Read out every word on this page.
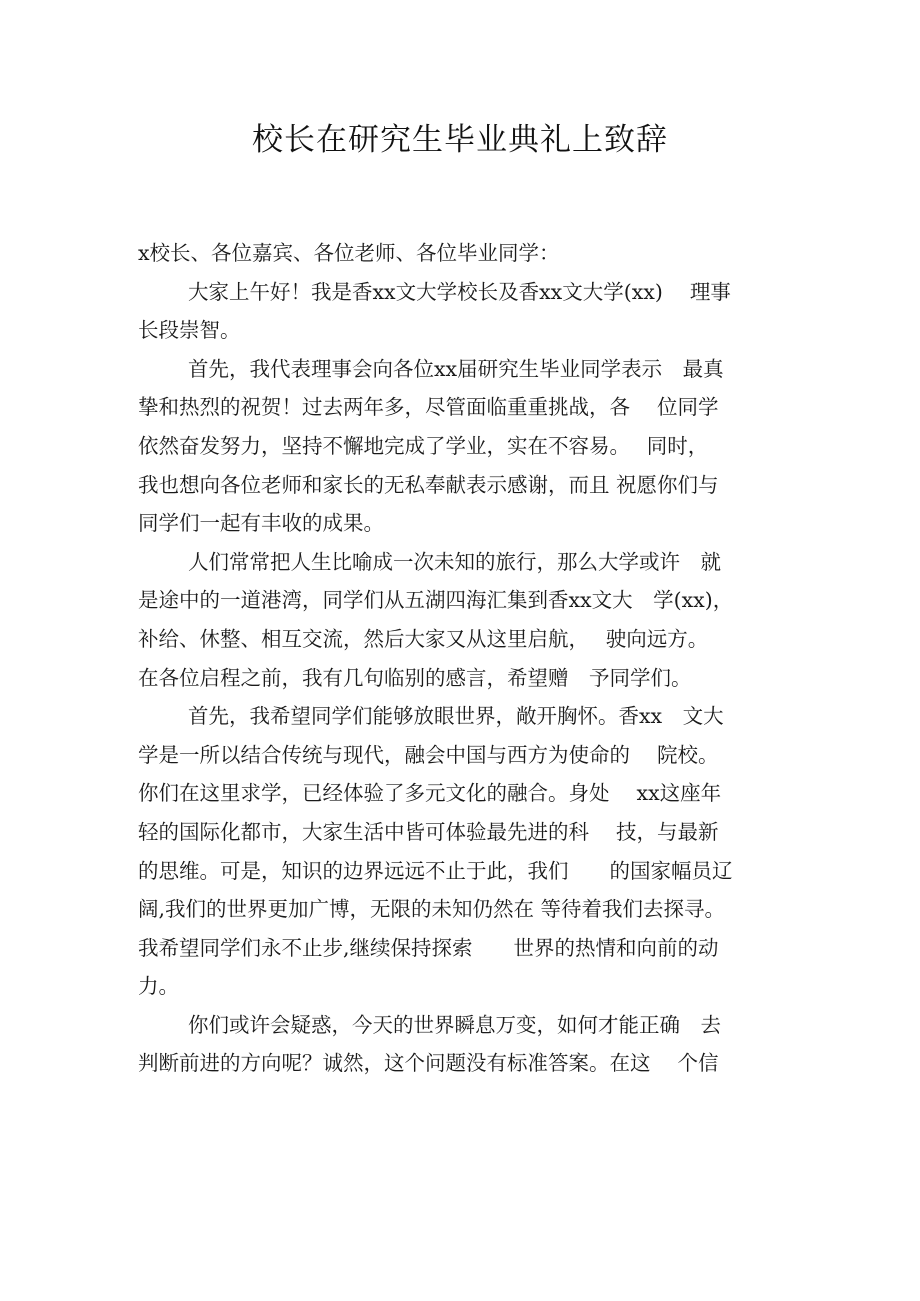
校长在研究生毕业典礼上致辞
x校长、各位嘉宾、各位老师、各位毕业同学：
大家上午好！我是香xx文大学校长及香xx文大学(xx)　 理事
长段崇智。
首先，我代表理事会向各位xx届研究生毕业同学表示　最真
挚和热烈的祝贺！过去两年多，尽管面临重重挑战，各　 位同学
依然奋发努力，坚持不懈地完成了学业，实在不容易。　 同时，
我也想向各位老师和家长的无私奉献表示感谢，而且 祝愿你们与
同学们一起有丰收的成果。
人们常常把人生比喻成一次未知的旅行，那么大学或许　就
是途中的一道港湾，同学们从五湖四海汇集到香xx文大　学(xx)，
补给、休整、相互交流，然后大家又从这里启航，　 驶向远方。
在各位启程之前，我有几句临别的感言，希望赠　予同学们。
首先，我希望同学们能够放眼世界，敞开胸怀。香xx　文大
学是一所以结合传统与现代，融会中国与西方为使命的　 院校。
你们在这里求学，已经体验了多元文化的融合。身处　 xx这座年
轻的国际化都市，大家生活中皆可体验最先进的科　 技，与最新
的思维。可是，知识的边界远远不止于此，我们　　的国家幅员辽
阔,我们的世界更加广博，无限的未知仍然在 等待着我们去探寻。
我希望同学们永不止步,继续保持探索　　世界的热情和向前的动
力。
你们或许会疑惑，今天的世界瞬息万变，如何才能正确　去
判断前进的方向呢？诚然，这个问题没有标准答案。在这　 个信
